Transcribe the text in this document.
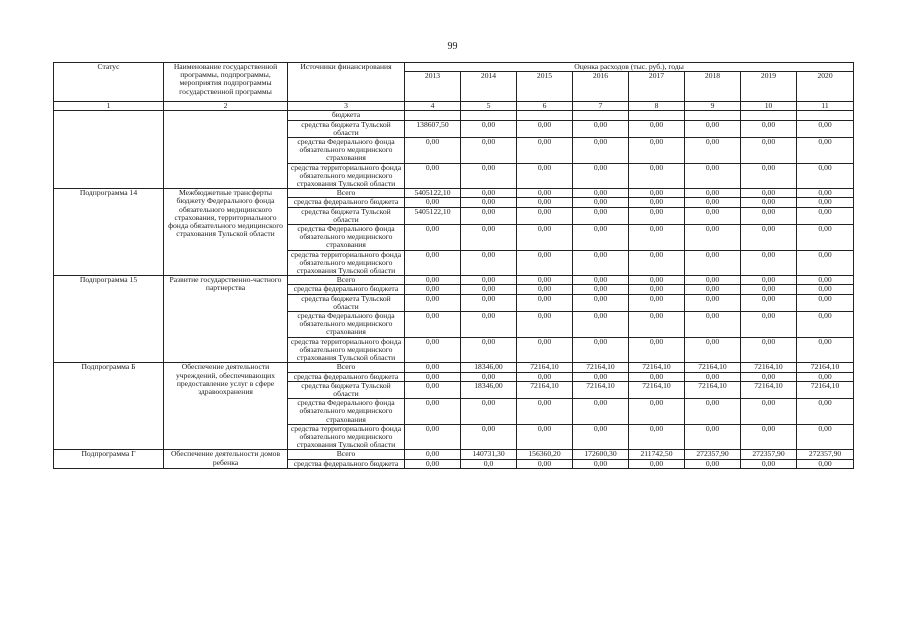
99
Статус	Наименование государственной программы, подпрограммы, мероприятия подпрограммы государственной программы	Источники финансирования	Оценка расходов (тыс. руб.), годы							
			2013	2014	2015	2016	2017	2018	2019	2020
1	2	3	4	5	6	7	8	9	10	11
		бюджета								
		средства бюджета Тульской области	138607,50	0,00	0,00	0,00	0,00	0,00	0,00	0,00
		средства Федерального фонда обязательного медицинского страхования	0,00	0,00	0,00	0,00	0,00	0,00	0,00	0,00
		средства территориального фонда обязательного медицинского страхования Тульской области	0,00	0,00	0,00	0,00	0,00	0,00	0,00	0,00
Подпрограмма 14	Межбюджетные трансферты бюджету Федерального фонда обязательного медицинского страхования, территориального фонда обязательного медицинского страхования Тульской области	Всего	5405122,10	0,00	0,00	0,00	0,00	0,00	0,00	0,00
		средства федерального бюджета	0,00	0,00	0,00	0,00	0,00	0,00	0,00	0,00
		средства бюджета Тульской области	5405122,10	0,00	0,00	0,00	0,00	0,00	0,00	0,00
		средства Федерального фонда обязательного медицинского страхования	0,00	0,00	0,00	0,00	0,00	0,00	0,00	0,00
		средства территориального фонда обязательного медицинского страхования Тульской области	0,00	0,00	0,00	0,00	0,00	0,00	0,00	0,00
Подпрограмма 15	Развитие государственно-частного партнерства	Всего	0,00	0,00	0,00	0,00	0,00	0,00	0,00	0,00
		средства федерального бюджета	0,00	0,00	0,00	0,00	0,00	0,00	0,00	0,00
		средства бюджета Тульской области	0,00	0,00	0,00	0,00	0,00	0,00	0,00	0,00
		средства Федерального фонда обязательного медицинского страхования	0,00	0,00	0,00	0,00	0,00	0,00	0,00	0,00
		средства территориального фонда обязательного медицинского страхования Тульской области	0,00	0,00	0,00	0,00	0,00	0,00	0,00	0,00
Подпрограмма Б	Обеспечение деятельности учреждений, обеспечивающих предоставление услуг в сфере здравоохранения	Всего	0,00	18346,00	72164,10	72164,10	72164,10	72164,10	72164,10	72164,10
		средства федерального бюджета	0,00	0,00	0,00	0,00	0,00	0,00	0,00	0,00
		средства бюджета Тульской области	0,00	18346,00	72164,10	72164,10	72164,10	72164,10	72164,10	72164,10
		средства Федерального фонда обязательного медицинского страхования	0,00	0,00	0,00	0,00	0,00	0,00	0,00	0,00
		средства территориального фонда обязательного медицинского страхования Тульской области	0,00	0,00	0,00	0,00	0,00	0,00	0,00	0,00
Подпрограмма Г	Обеспечение деятельности домов ребенка	Всего	0,00	140731,30	156360,20	172600,30	211742,50	272357,90	272357,90	272357,90
		средства федерального бюджета	0,00	0,0	0,00	0,00	0,00	0,00	0,00	0,00
